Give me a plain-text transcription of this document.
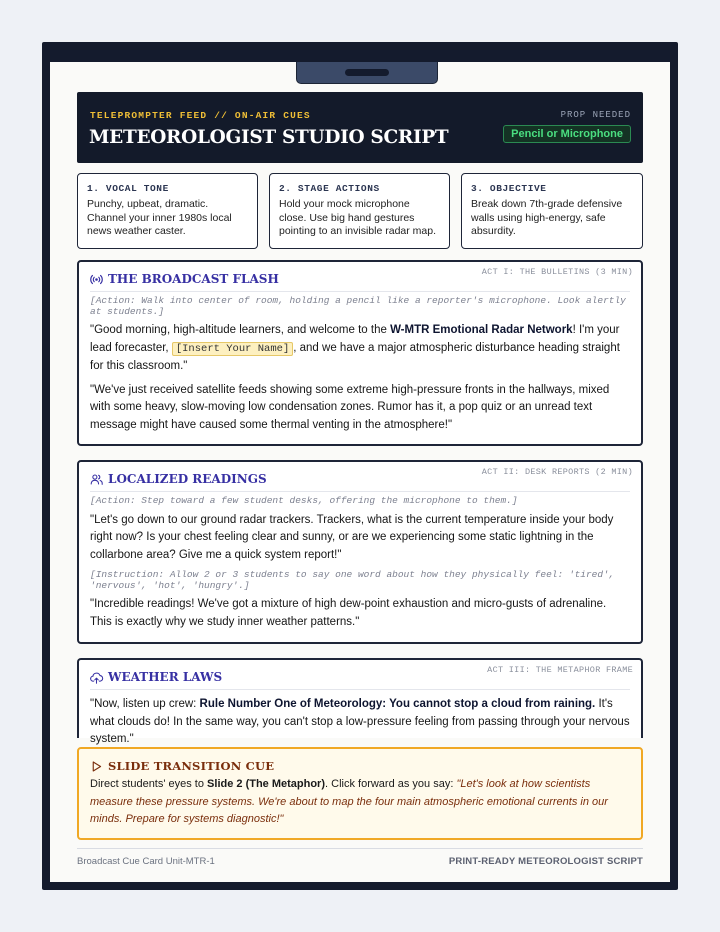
TELEPROMPTER FEED // ON-AIR CUES
METEOROLOGIST STUDIO SCRIPT
PROP NEEDED
Pencil or Microphone
1. VOCAL TONE
Punchy, upbeat, dramatic. Channel your inner 1980s local news weather caster.
2. STAGE ACTIONS
Hold your mock microphone close. Use big hand gestures pointing to an invisible radar map.
3. OBJECTIVE
Break down 7th-grade defensive walls using high-energy, safe absurdity.
ACT I: THE BULLETINS (3 MIN)
THE BROADCAST FLASH
[Action: Walk into center of room, holding a pencil like a reporter's microphone. Look alertly at students.]
"Good morning, high-altitude learners, and welcome to the W-MTR Emotional Radar Network! I'm your lead forecaster, [Insert Your Name] , and we have a major atmospheric disturbance heading straight for this classroom."
"We've just received satellite feeds showing some extreme high-pressure fronts in the hallways, mixed with some heavy, slow-moving low condensation zones. Rumor has it, a pop quiz or an unread text message might have caused some thermal venting in the atmosphere!"
ACT II: DESK REPORTS (2 MIN)
LOCALIZED READINGS
[Action: Step toward a few student desks, offering the microphone to them.]
"Let's go down to our ground radar trackers. Trackers, what is the current temperature inside your body right now? Is your chest feeling clear and sunny, or are we experiencing some static lightning in the collarbone area? Give me a quick system report!"
[Instruction: Allow 2 or 3 students to say one word about how they physically feel: 'tired', 'nervous', 'hot', 'hungry'.]
"Incredible readings! We've got a mixture of high dew-point exhaustion and micro-gusts of adrenaline. This is exactly why we study inner weather patterns."
ACT III: THE METAPHOR FRAME
WEATHER LAWS
"Now, listen up crew: Rule Number One of Meteorology: You cannot stop a cloud from raining. It's what clouds do! In the same way, you can't stop a low-pressure feeling from passing through your nervous system."
SLIDE TRANSITION CUE
Direct students' eyes to Slide 2 (The Metaphor). Click forward as you say: "Let's look at how scientists measure these pressure systems. We're about to map the four main atmospheric emotional currents in our minds. Prepare for systems diagnostic!"
Broadcast Cue Card Unit-MTR-1	PRINT-READY METEOROLOGIST SCRIPT
